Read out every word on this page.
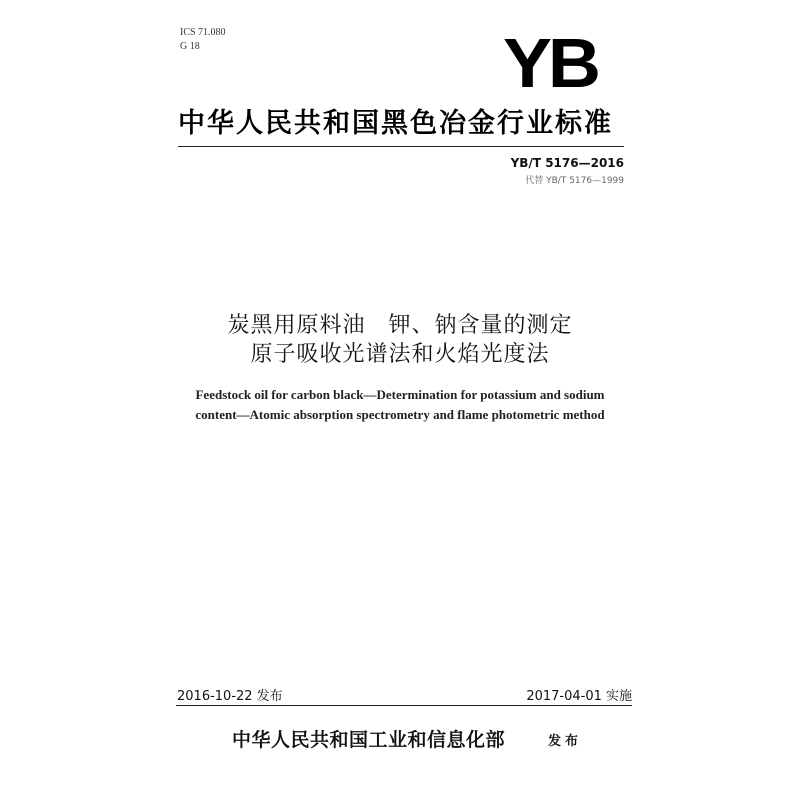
ICS 71.080
G 18	YB
中华人民共和国黑色冶金行业标准
YB/T 5176—2016
代替 YB/T 5176—1999
炭黑用原料油　钾、钠含量的测定
原子吸收光谱法和火焰光度法
Feedstock oil for carbon black—Determination for potassium and sodium
content—Atomic absorption spectrometry and flame photometric method
2016-10-22 发布	2017-04-01 实施
中华人民共和国工业和信息化部	发布
